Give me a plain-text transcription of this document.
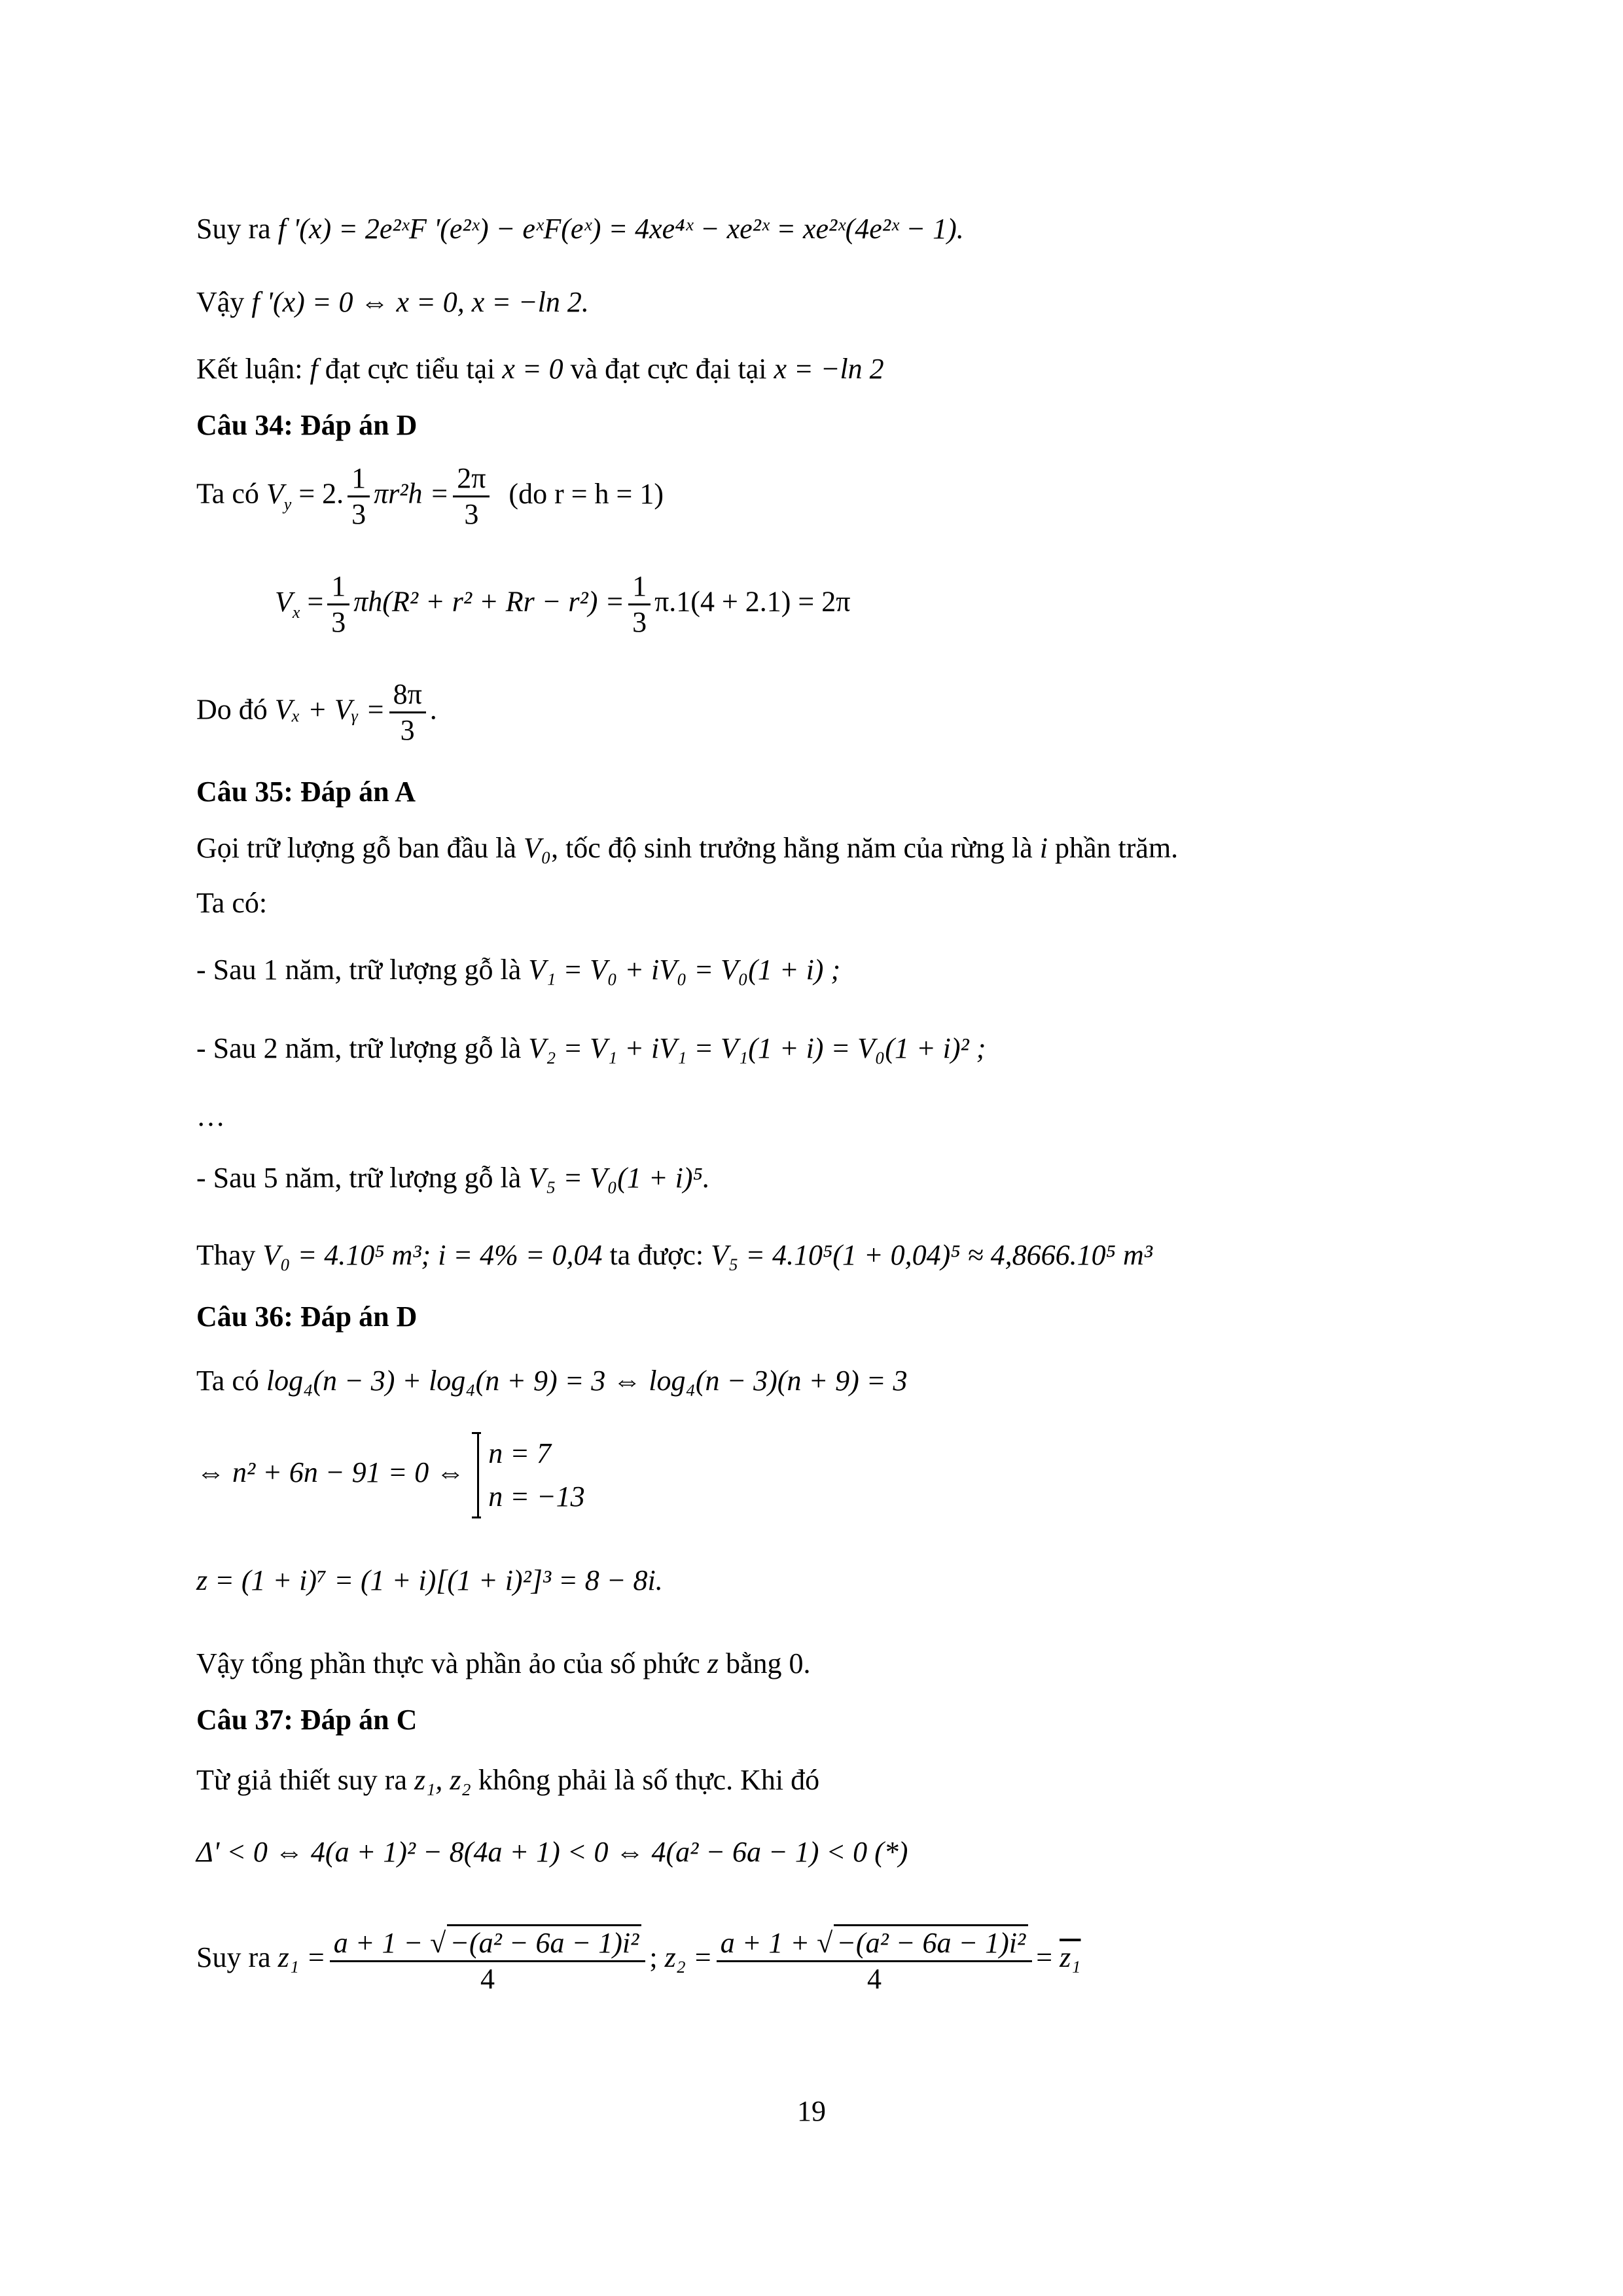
Suy ra f '(x) = 2e²ˣF '(e²ˣ) − eˣF(eˣ) = 4xe⁴ˣ − xe²ˣ = xe²ˣ(4e²ˣ − 1).
Vậy f '(x) = 0 ⇔ x = 0, x = −ln 2.
Kết luận: f đạt cực tiểu tại x = 0 và đạt cực đại tại x = −ln 2
Câu 34: Đáp án D
Ta có $V_y = 2$. $\frac{1}{3} \pi r^2h = \frac{2\pi}{3} (do$ r = h = 1)
$V_x = \frac{1}{3} \pi h(R^2 + r^2 + Rr - r^2) = \frac{1}{3} \pi.1(4 + 2.1) = 2\pi$
Do đó Vₓ + Vᵧ = $\frac{8\pi}{3}$ .
Câu 35: Đáp án A
Gọi trữ lượng gỗ ban đầu là V₀, tốc độ sinh trưởng hằng năm của rừng là i phần trăm.
Ta có:
- Sau 1 năm, trữ lượng gỗ là V₁ = V₀ + iV₀ = V₀(1 + i) ;
- Sau 2 năm, trữ lượng gỗ là V₂ = V₁ + iV₁ = V₁(1 + i) = V₀(1 + i)² ;
…
- Sau 5 năm, trữ lượng gỗ là V₅ = V₀(1 + i)⁵.
Thay V₀ = 4.10⁵ m³; i = 4% = 0,04 ta được: V₅ = 4.10⁵(1 + 0,04)⁵ ≈ 4,8666.10⁵ m³
Câu 36: Đáp án D
Ta có log₄(n − 3) + log₄(n + 9) = 3 ⇔ log₄(n − 3)(n + 9) = 3
⇔ n² + 6n − 91 = 0 ⇔
n = 7
n = −13
z = (1 + i)⁷ = (1 + i)[(1 + i)²]³ = 8 − 8i.
Vậy tổng phần thực và phần ảo của số phức z bằng 0.
Câu 37: Đáp án C
Từ giả thiết suy ra z₁, z₂ không phải là số thực. Khi đó
Δ' < 0 ⇔ 4(a + 1)² − 8(4a + 1) < 0 ⇔ 4(a² − 6a − 1) < 0 (*)
Suy ra $z_1 = \frac{\text{a + 1 − √ −(a² − 6a − 1)i²}}{4}$ ; $z_2 = \frac{\text{a + 1 + √ −(a² − 6a − 1)i²}}{4} = z_1$
19
